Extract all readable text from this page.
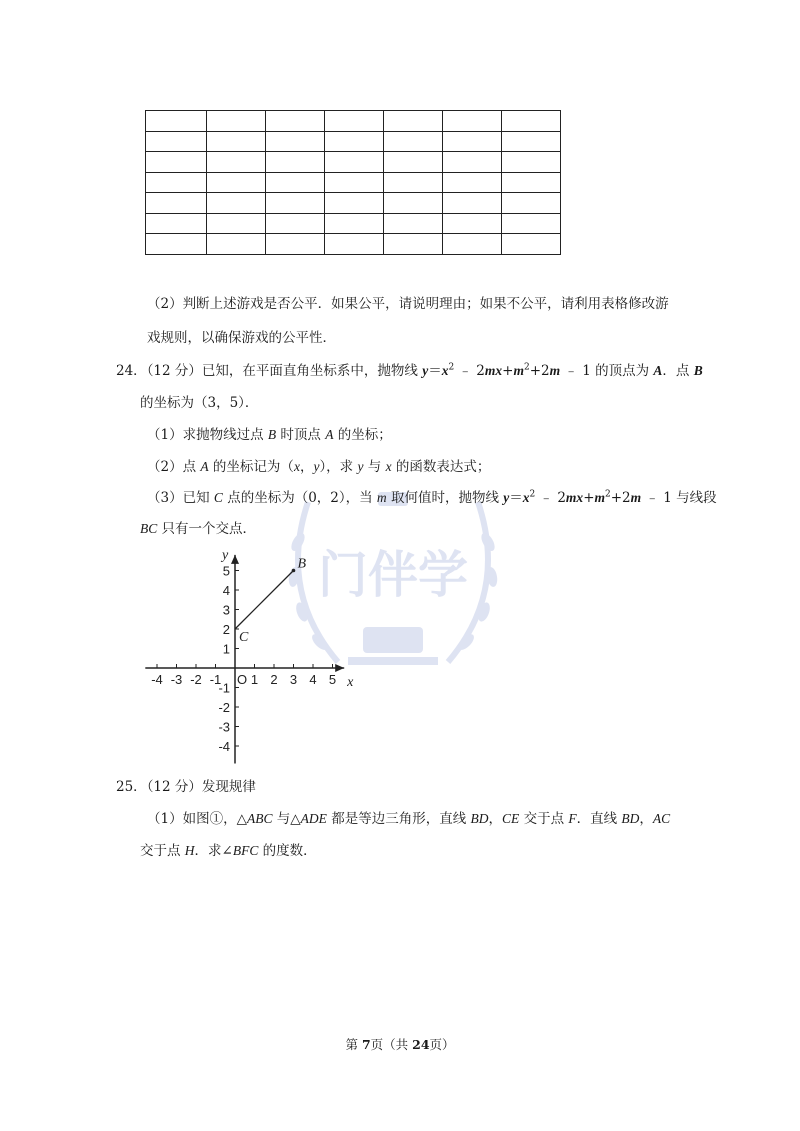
门伴学
（2）判断上述游戏是否公平．如果公平，请说明理由；如果不公平，请利用表格修改游
戏规则，以确保游戏的公平性．
24．（12 分）已知，在平面直角坐标系中，抛物线 $y=x^2$ ﹣ $2mx+m^2+2m$ ﹣ 1 的顶点为 A．点 B
的坐标为（3，5）．
（1）求抛物线过点 B 时顶点 A 的坐标；
（2）点 A 的坐标记为（x，y），求 y 与 x 的函数表达式；
（3）已知 C 点的坐标为（0，2），当 m 取何值时，抛物线 $y=x^2$ ﹣ $2mx+m^2+2m$ ﹣ 1 与线段
BC 只有一个交点．
-4 -3 -2 -1 1 2 3 4 5
5
4
3
2
1
-1
-2
-3
-4
O	x
y
B
C
25．（12 分）发现规律
（1）如图①，△ABC 与△ADE 都是等边三角形，直线 BD，CE 交于点 F．直线 BD，AC
交于点 H．求∠BFC 的度数．
第 7页（共 24页）
